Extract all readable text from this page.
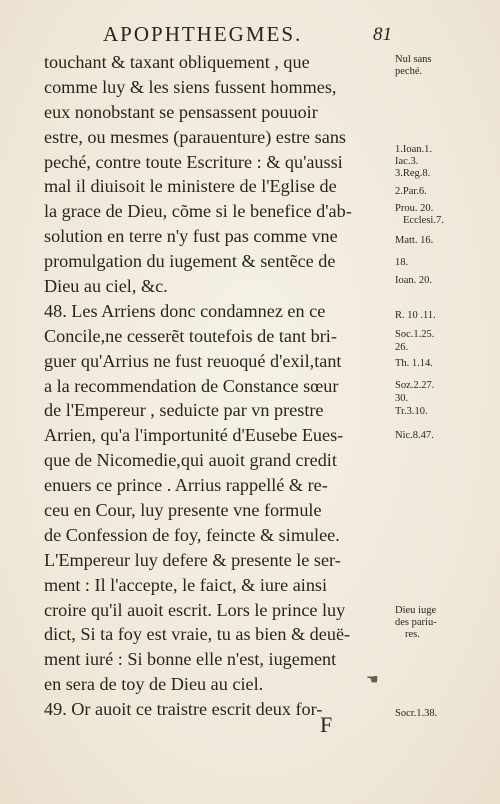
APOPHTHEGMES.	81
touchant & taxant obliquement , que
comme luy & les siens fussent hommes,
eux nonobstant se pensassent pouuoir
estre, ou mesmes (parauenture) estre sans
peché, contre toute Escriture : & qu'aussi
mal il diuisoit le ministere de l'Eglise de
la grace de Dieu, cõme si le benefice d'ab-
solution en terre n'y fust pas comme vne
promulgation du iugement & sentẽce de
Dieu au ciel, &c.
48. Les Arriens donc condamnez en ce
Concile,ne cesserẽt toutefois de tant bri-
guer qu'Arrius ne fust reuoqué d'exil,tant
a la recommendation de Constance sœur
de l'Empereur , seduicte par vn prestre
Arrien, qu'a l'importunité d'Eusebe Eues-
que de Nicomedie,qui auoit grand credit
enuers ce prince . Arrius rappellé & re-
ceu en Cour, luy presente vne formule
de Confession de foy, feincte & simulee.
L'Empereur luy defere & presente le ser-
ment : Il l'accepte, le faict, & iure ainsi
croire qu'il auoit escrit. Lors le prince luy
dict, Si ta foy est vraie, tu as bien & deuë-
ment iuré : Si bonne elle n'est, iugement
en sera de toy de Dieu au ciel.
49. Or auoit ce traistre escrit deux for-
Nul sans
peché.
1.Ioan.1.
Iac.3.
3.Reg.8.
2.Par.6.
Prou. 20.
Ecclesi.7.
Matt. 16.
18.
Ioan. 20.
R. 10 .11.
Soc.1.25.
26.
Th. 1.14.
Soz.2.27.
30.
Tr.3.10.
Nic.8.47.
Dieu iuge
des pariu-
res.
Socr.1.38.
☚
F
